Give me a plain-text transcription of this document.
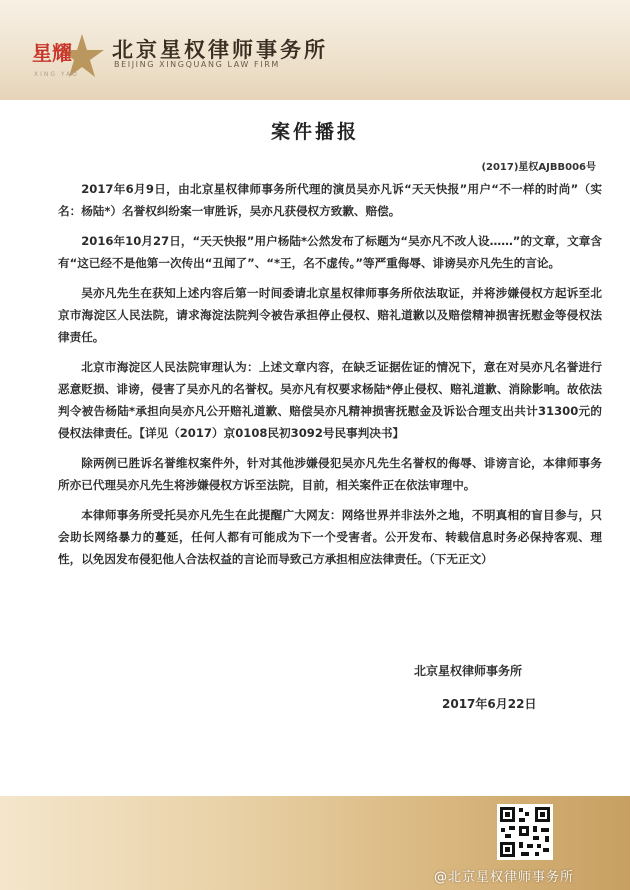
星耀
XING YAO
北京星权律师事务所
BEIJING XINGQUANG LAW FIRM
案件播报
(2017)星权AJBB006号

2017年6月9日，由北京星权律师事务所代理的演员吴亦凡诉“天天快报”用户“不一样的时尚”（实名：杨陆*）名誉权纠纷案一审胜诉，吴亦凡获侵权方致歉、赔偿。

2016年10月27日，“天天快报”用户杨陆*公然发布了标题为“吴亦凡不改人设……”的文章，文章含有“这已经不是他第一次传出“丑闻了”、“*王，名不虚传。”等严重侮辱、诽谤吴亦凡先生的言论。

吴亦凡先生在获知上述内容后第一时间委请北京星权律师事务所依法取证，并将涉嫌侵权方起诉至北京市海淀区人民法院，请求海淀法院判令被告承担停止侵权、赔礼道歉以及赔偿精神损害抚慰金等侵权法律责任。

北京市海淀区人民法院审理认为：上述文章内容，在缺乏证据佐证的情况下，意在对吴亦凡名誉进行恶意贬损、诽谤，侵害了吴亦凡的名誉权。吴亦凡有权要求杨陆*停止侵权、赔礼道歉、消除影响。故依法判令被告杨陆*承担向吴亦凡公开赔礼道歉、赔偿吴亦凡精神损害抚慰金及诉讼合理支出共计31300元的侵权法律责任。【详见（2017）京0108民初3092号民事判决书】

除两例已胜诉名誉维权案件外，针对其他涉嫌侵犯吴亦凡先生名誉权的侮辱、诽谤言论，本律师事务所亦已代理吴亦凡先生将涉嫌侵权方诉至法院，目前，相关案件正在依法审理中。

本律师事务所受托吴亦凡先生在此提醒广大网友：网络世界并非法外之地，不明真相的盲目参与，只会助长网络暴力的蔓延，任何人都有可能成为下一个受害者。公开发布、转载信息时务必保持客观、理性，以免因发布侵犯他人合法权益的言论而导致己方承担相应法律责任。（下无正文）

北京星权律师事务所
2017年6月22日
@北京星权律师事务所
